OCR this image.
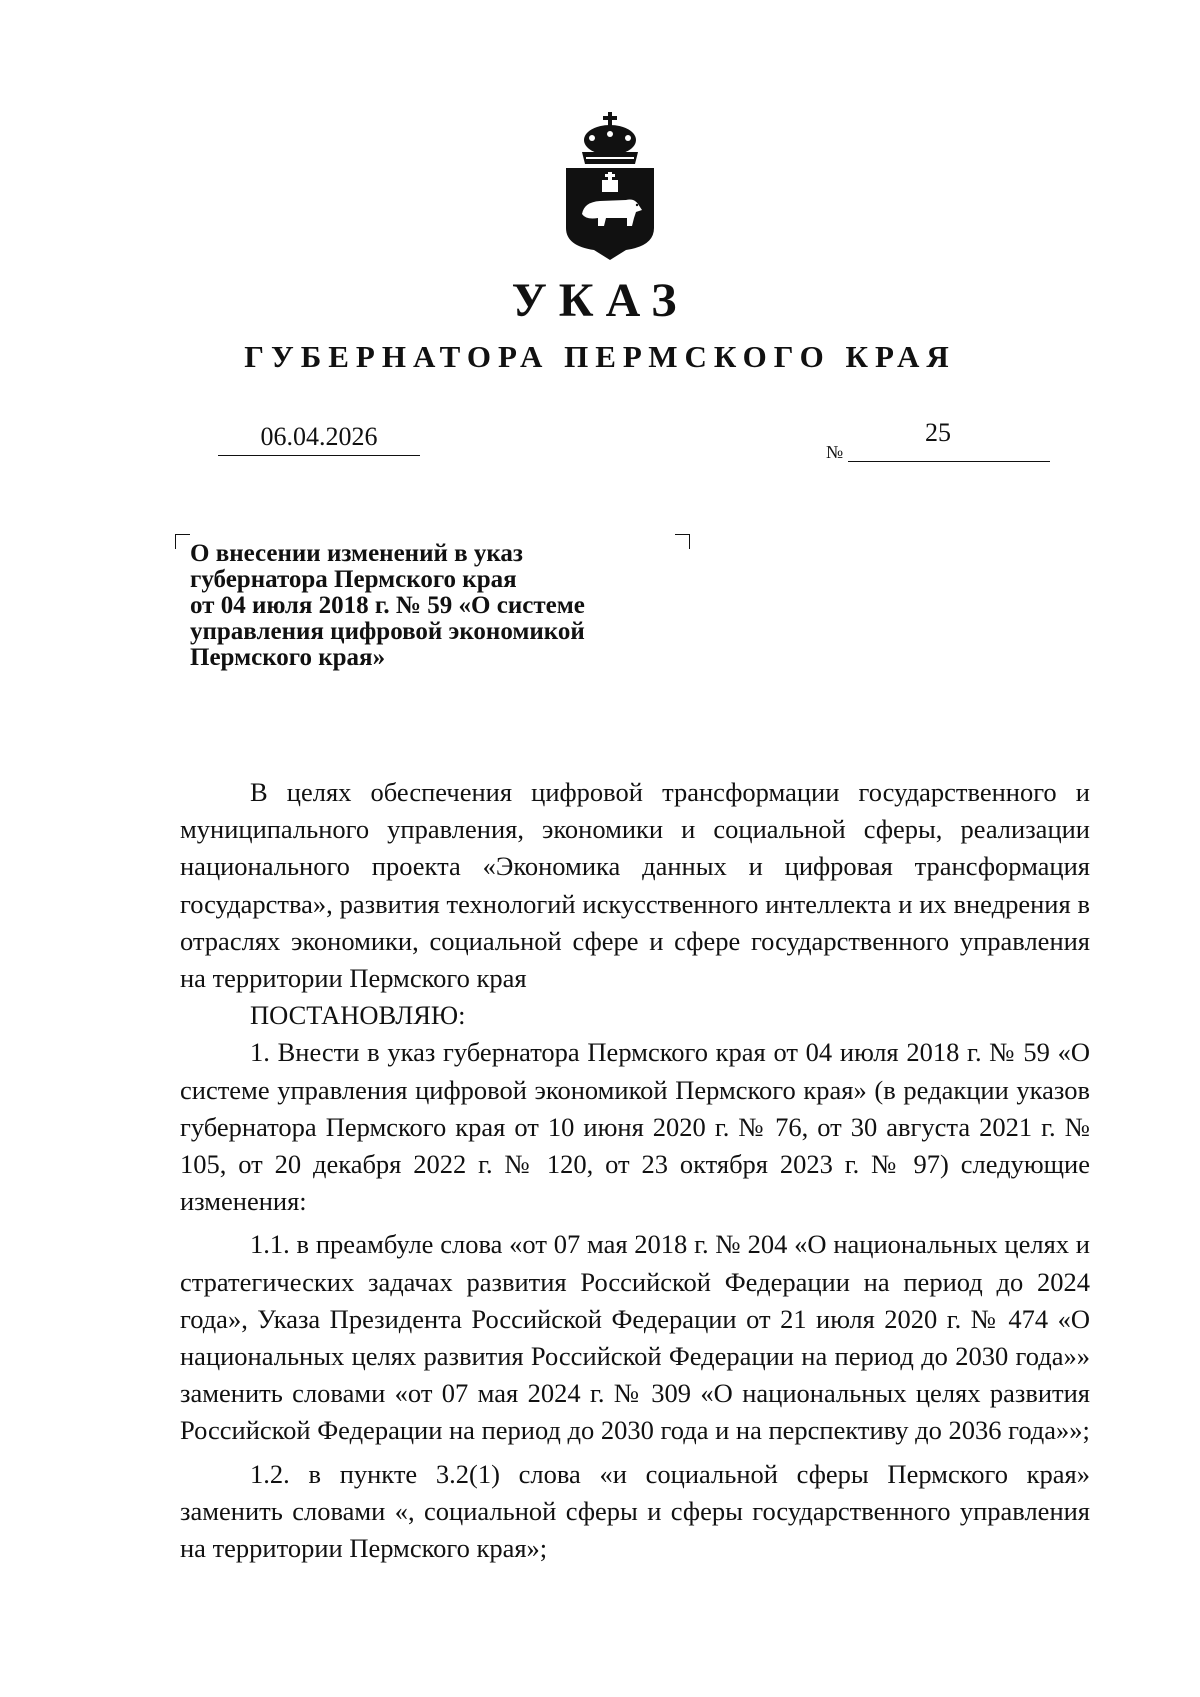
УКАЗ
ГУБЕРНАТОРА ПЕРМСКОГО КРАЯ
06.04.2026
№
25
О внесении изменений в указ
губернатора Пермского края
от 04 июля 2018 г. № 59 «О системе
управления цифровой экономикой
Пермского края»

В целях обеспечения цифровой трансформации государственного и муниципального управления, экономики и социальной сферы, реализации национального проекта «Экономика данных и цифровая трансформация государства», развития технологий искусственного интеллекта и их внедрения в отраслях экономики, социальной сфере и сфере государственного управления на территории Пермского края

ПОСТАНОВЛЯЮ:

1. Внести в указ губернатора Пермского края от 04 июля 2018 г. № 59 «О системе управления цифровой экономикой Пермского края» (в редакции указов губернатора Пермского края от 10 июня 2020 г. № 76, от 30 августа 2021 г. № 105, от 20 декабря 2022 г. № 120, от 23 октября 2023 г. № 97) следующие изменения:

1.1. в преамбуле слова «от 07 мая 2018 г. № 204 «О национальных целях и стратегических задачах развития Российской Федерации на период до 2024 года», Указа Президента Российской Федерации от 21 июля 2020 г. № 474 «О национальных целях развития Российской Федерации на период до 2030 года»» заменить словами «от 07 мая 2024 г. № 309 «О национальных целях развития Российской Федерации на период до 2030 года и на перспективу до 2036 года»»;

1.2. в пункте 3.2(1) слова «и социальной сферы Пермского края» заменить словами «, социальной сферы и сферы государственного управления на территории Пермского края»;
